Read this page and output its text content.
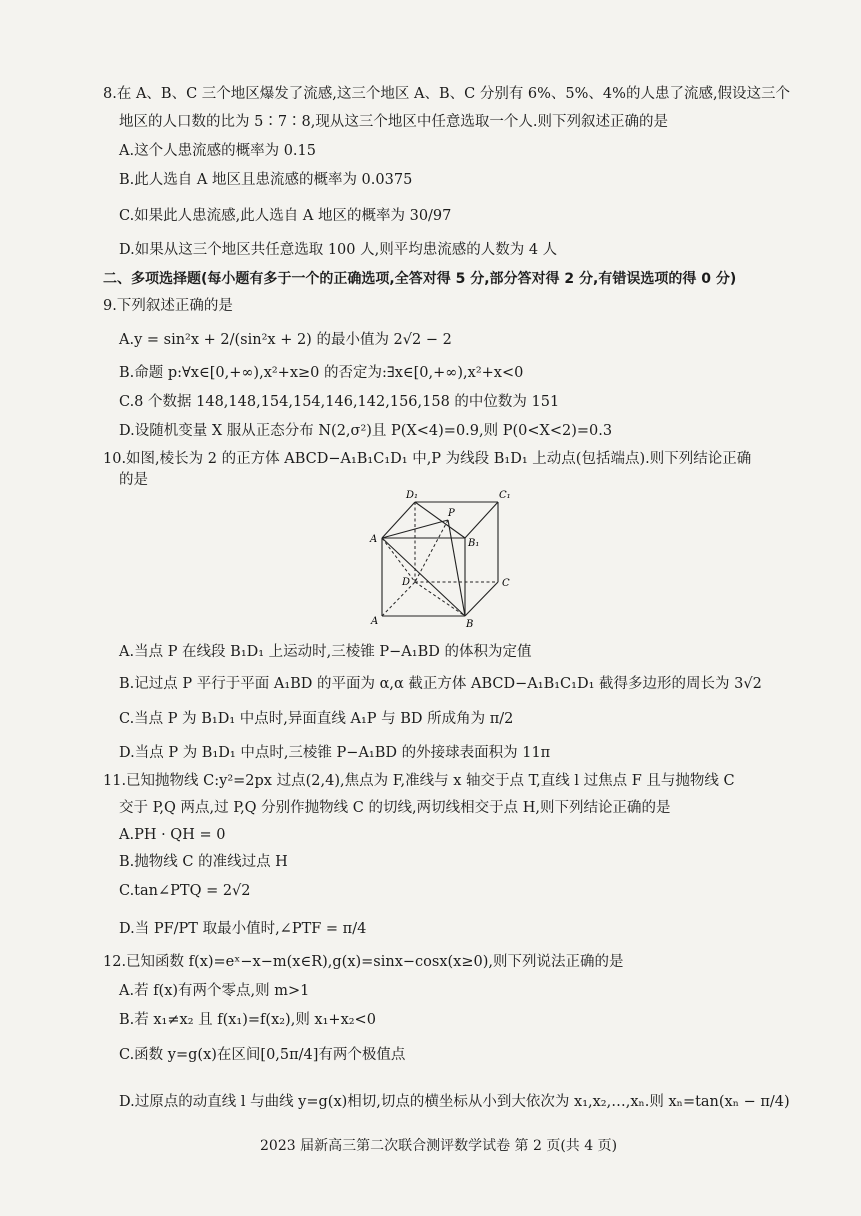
8.在 A、B、C 三个地区爆发了流感,这三个地区 A、B、C 分别有 6%、5%、4%的人患了流感,假设这三个
地区的人口数的比为 5∶7∶8,现从这三个地区中任意选取一个人.则下列叙述正确的是
A.这个人患流感的概率为 0.15
B.此人选自 A 地区且患流感的概率为 0.0375
C.如果此人患流感,此人选自 A 地区的概率为 30/97
D.如果从这三个地区共任意选取 100 人,则平均患流感的人数为 4 人
二、多项选择题(每小题有多于一个的正确选项,全答对得 5 分,部分答对得 2 分,有错误选项的得 0 分)
9.下列叙述正确的是
A.y = sin²x + 2/(sin²x + 2) 的最小值为 2√2 − 2
B.命题 p:∀x∈[0,+∞),x²+x≥0 的否定为:∃x∈[0,+∞),x²+x<0
C.8 个数据 148,148,154,154,146,142,156,158 的中位数为 151
D.设随机变量 X 服从正态分布 N(2,σ²)且 P(X<4)=0.9,则 P(0<X<2)=0.3
10.如图,棱长为 2 的正方体 ABCD−A₁B₁C₁D₁ 中,P 为线段 B₁D₁ 上动点(包括端点).则下列结论正确
的是
D₁	C₁
P
A	B₁
D	C
A	B
A.当点 P 在线段 B₁D₁ 上运动时,三棱锥 P−A₁BD 的体积为定值
B.记过点 P 平行于平面 A₁BD 的平面为 α,α 截正方体 ABCD−A₁B₁C₁D₁ 截得多边形的周长为 3√2
C.当点 P 为 B₁D₁ 中点时,异面直线 A₁P 与 BD 所成角为 π/2
D.当点 P 为 B₁D₁ 中点时,三棱锥 P−A₁BD 的外接球表面积为 11π
11.已知抛物线 C:y²=2px 过点(2,4),焦点为 F,准线与 x 轴交于点 T,直线 l 过焦点 F 且与抛物线 C
交于 P,Q 两点,过 P,Q 分别作抛物线 C 的切线,两切线相交于点 H,则下列结论正确的是
A.PH · QH = 0
B.抛物线 C 的准线过点 H
C.tan∠PTQ = 2√2
D.当 PF/PT 取最小值时,∠PTF = π/4
12.已知函数 f(x)=eˣ−x−m(x∈R),g(x)=sinx−cosx(x≥0),则下列说法正确的是
A.若 f(x)有两个零点,则 m>1
B.若 x₁≠x₂ 且 f(x₁)=f(x₂),则 x₁+x₂<0
C.函数 y=g(x)在区间[0,5π/4]有两个极值点
D.过原点的动直线 l 与曲线 y=g(x)相切,切点的横坐标从小到大依次为 x₁,x₂,…,xₙ.则 xₙ=tan(xₙ − π/4)
2023 届新高三第二次联合测评数学试卷 第 2 页(共 4 页)
